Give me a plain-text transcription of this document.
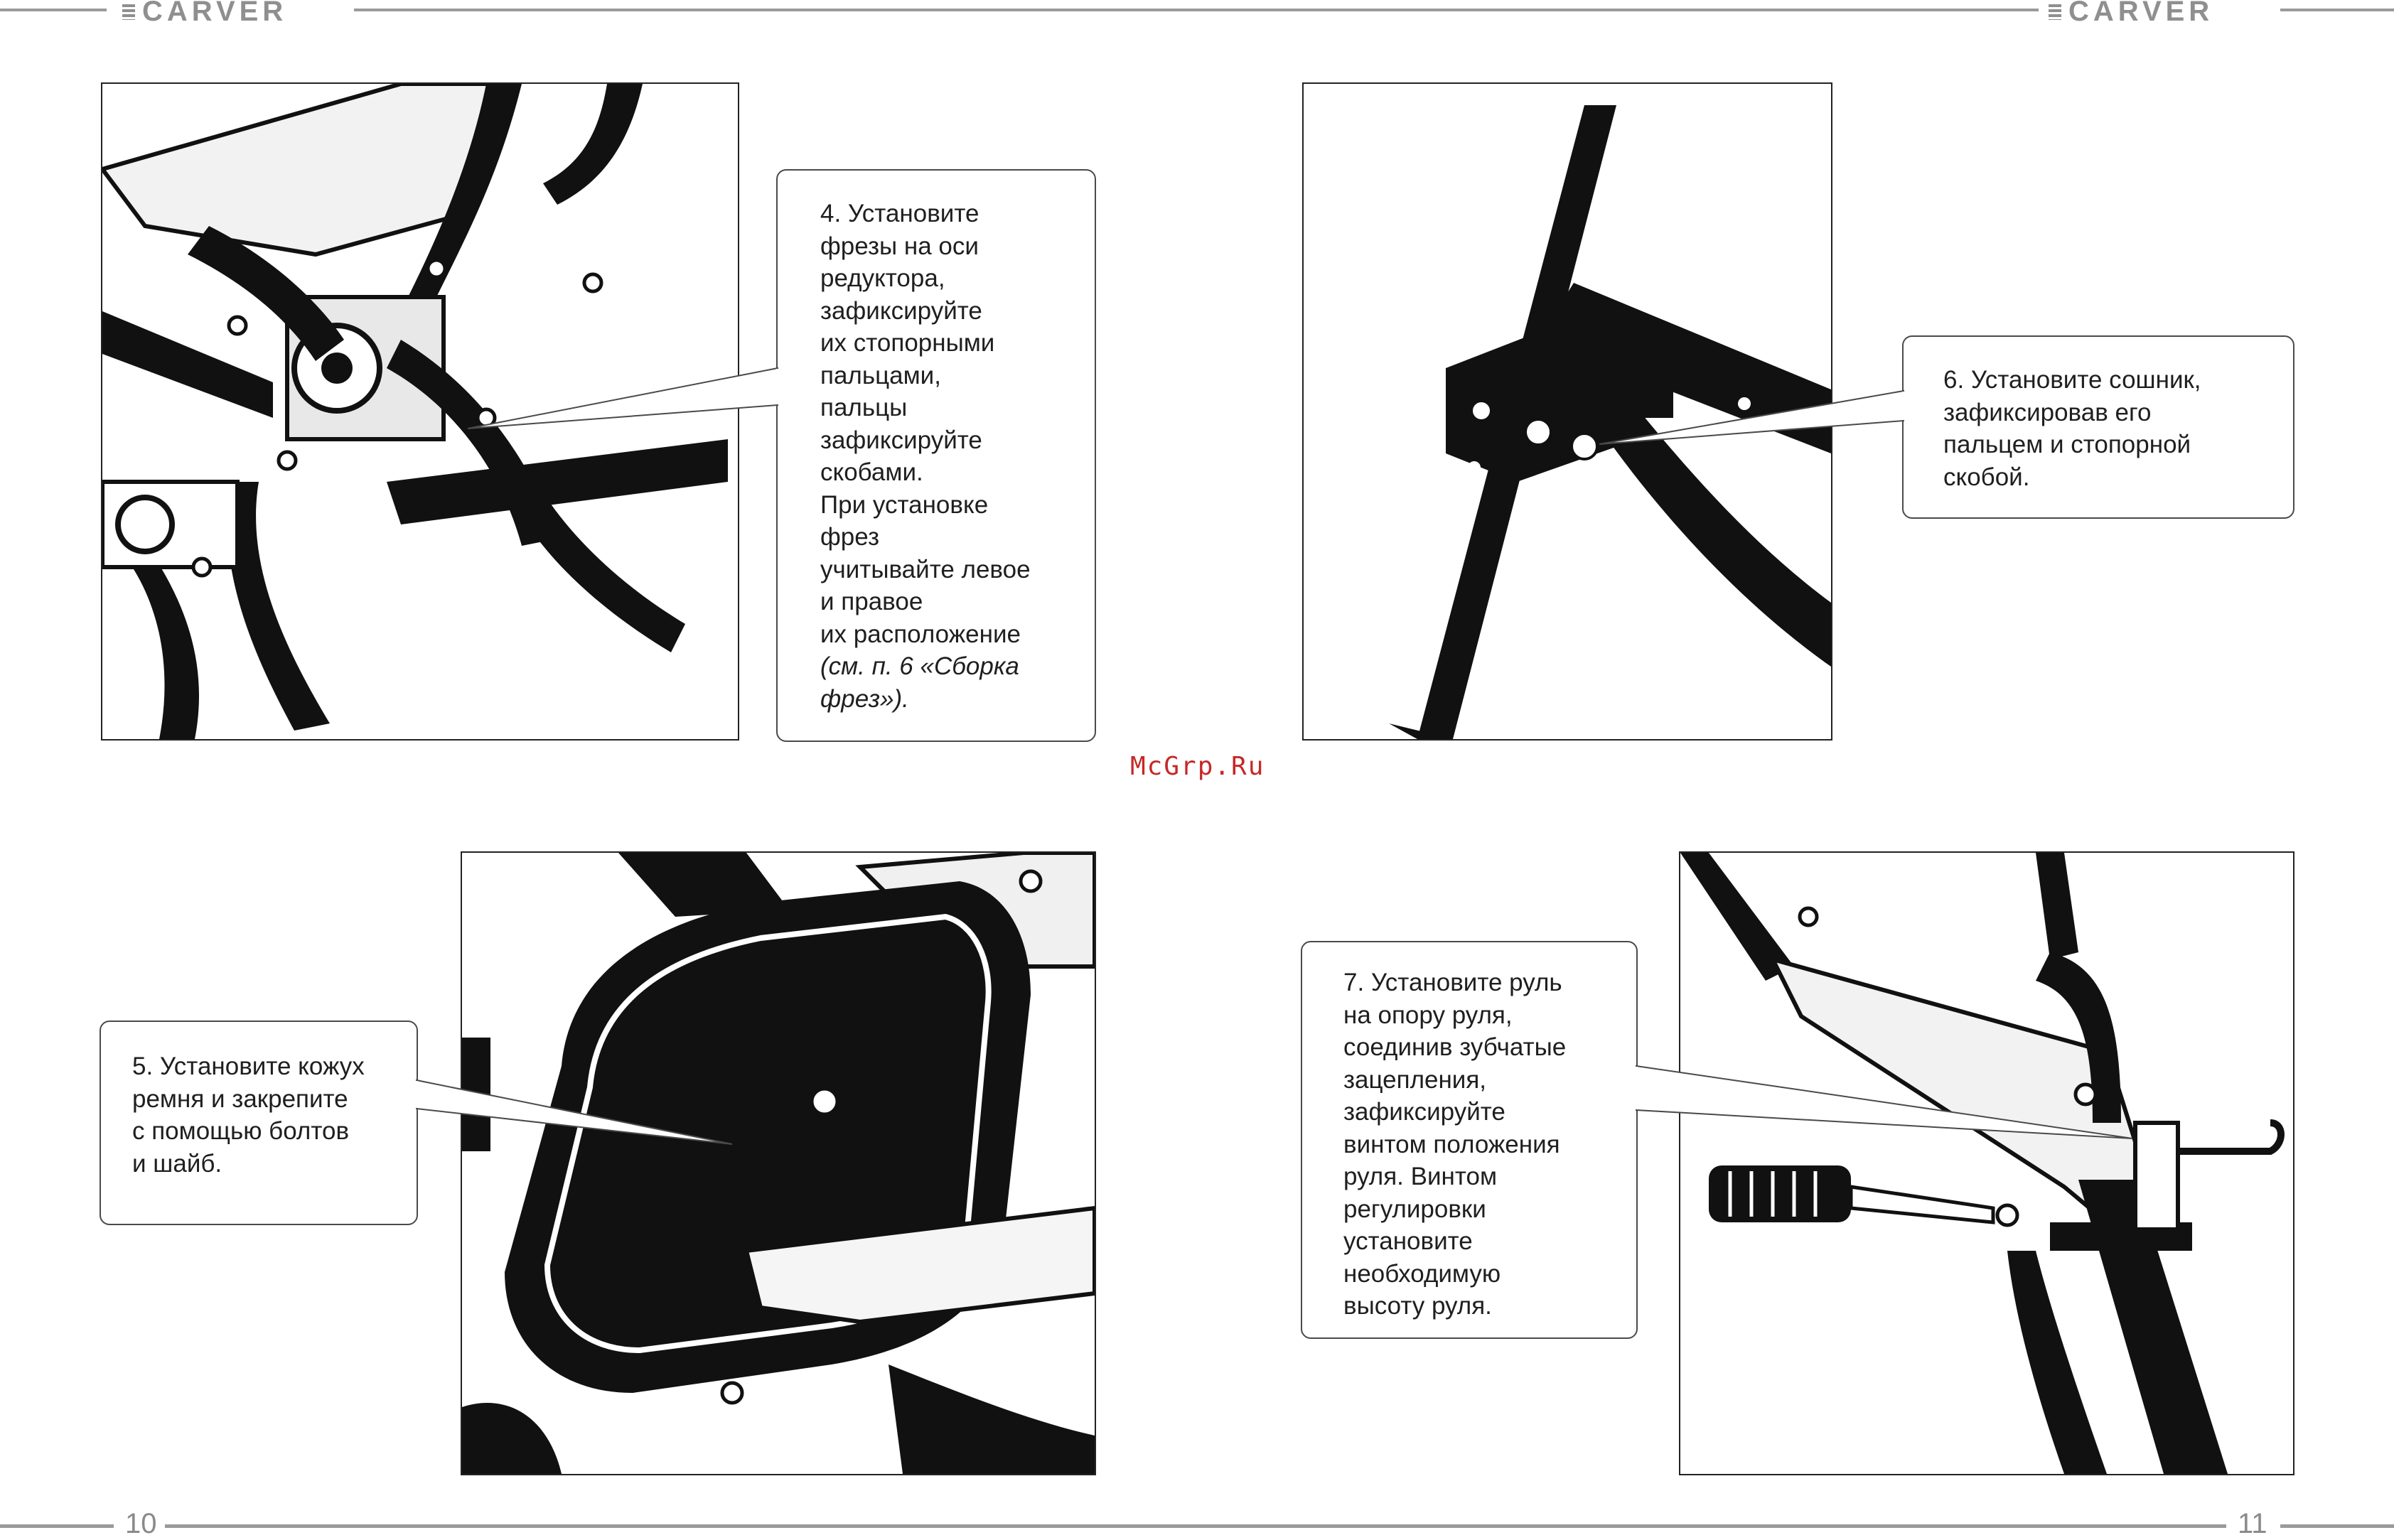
CARVER	CARVER

4. Установите
фрезы на оси
редуктора,
зафиксируйте
их стопорными
пальцами,
пальцы
зафиксируйте
скобами.
При установке
фрез
учитывайте левое
и правое
их расположение

(см. п. 6 «Сборка
фрез»).

6. Установите сошник,
зафиксировав его
пальцем и стопорной
скобой.

5. Установите кожух
ремня и закрепите
с помощью болтов
и шайб.

7. Установите руль
на опору руля,
соединив зубчатые
зацепления,
зафиксируйте
винтом положения
руля. Винтом
регулировки
установите
необходимую
высоту руля.

McGrp.Ru
10	11
